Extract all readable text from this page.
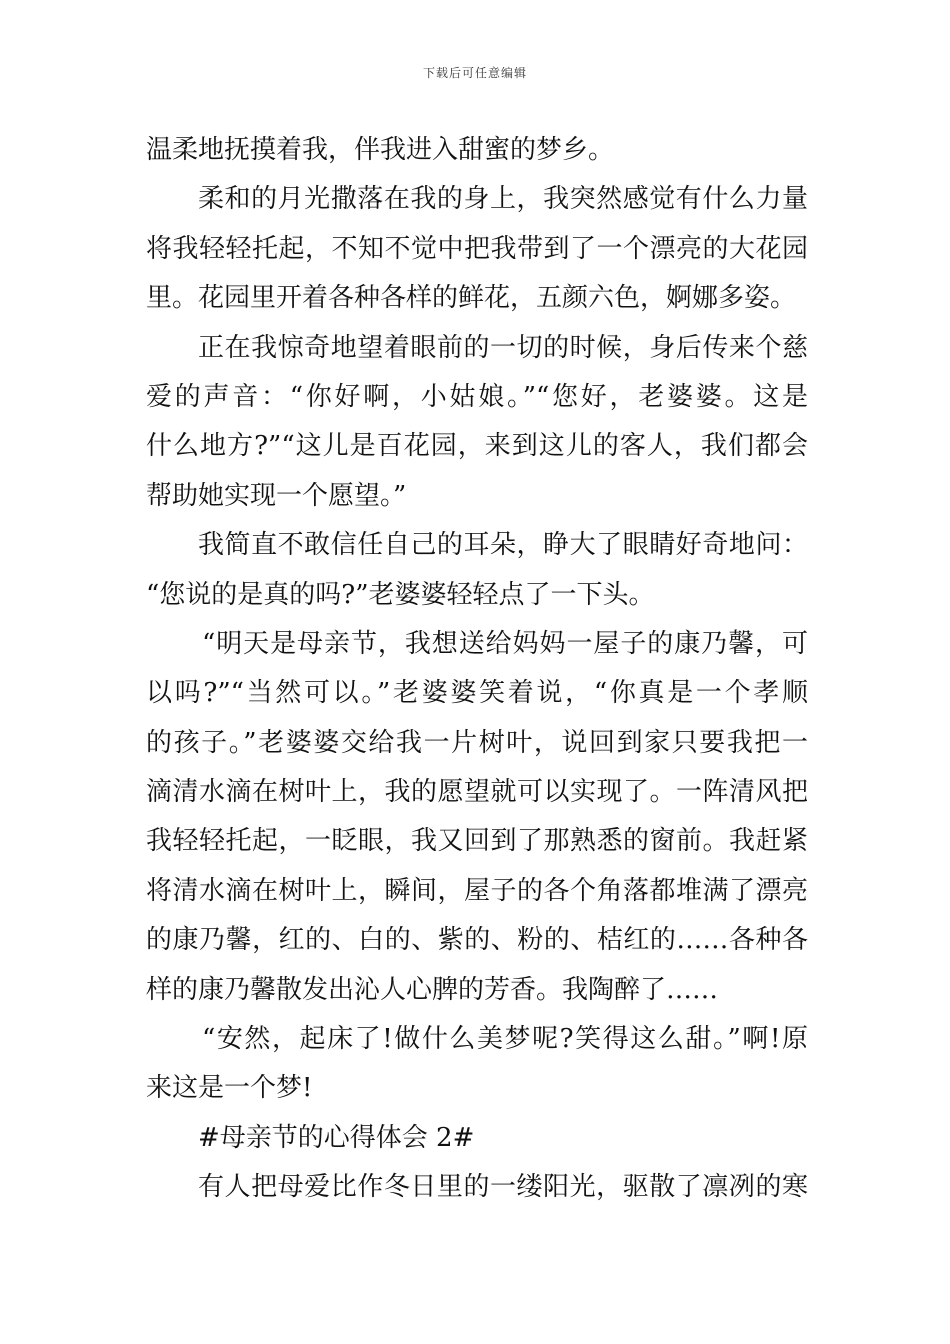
下载后可任意编辑
温柔地抚摸着我，伴我进入甜蜜的梦乡。
柔和的月光撒落在我的身上，我突然感觉有什么力量
将我轻轻托起，不知不觉中把我带到了一个漂亮的大花园
里。花园里开着各种各样的鲜花，五颜六色，婀娜多姿。
正在我惊奇地望着眼前的一切的时候，身后传来个慈
爱的声音：“你好啊，小姑娘。”“您好，老婆婆。这是
什么地方?”“这儿是百花园，来到这儿的客人，我们都会
帮助她实现一个愿望。”
我简直不敢信任自己的耳朵，睁大了眼睛好奇地问：
“您说的是真的吗?”老婆婆轻轻点了一下头。
“明天是母亲节，我想送给妈妈一屋子的康乃馨，可
以吗?”“当然可以。”老婆婆笑着说，“你真是一个孝顺
的孩子。”老婆婆交给我一片树叶，说回到家只要我把一
滴清水滴在树叶上，我的愿望就可以实现了。一阵清风把
我轻轻托起，一眨眼，我又回到了那熟悉的窗前。我赶紧
将清水滴在树叶上，瞬间，屋子的各个角落都堆满了漂亮
的康乃馨，红的、白的、紫的、粉的、桔红的……各种各
样的康乃馨散发出沁人心脾的芳香。我陶醉了……
“安然，起床了!做什么美梦呢?笑得这么甜。”啊!原
来这是一个梦!
#母亲节的心得体会 2#
有人把母爱比作冬日里的一缕阳光，驱散了凛冽的寒
